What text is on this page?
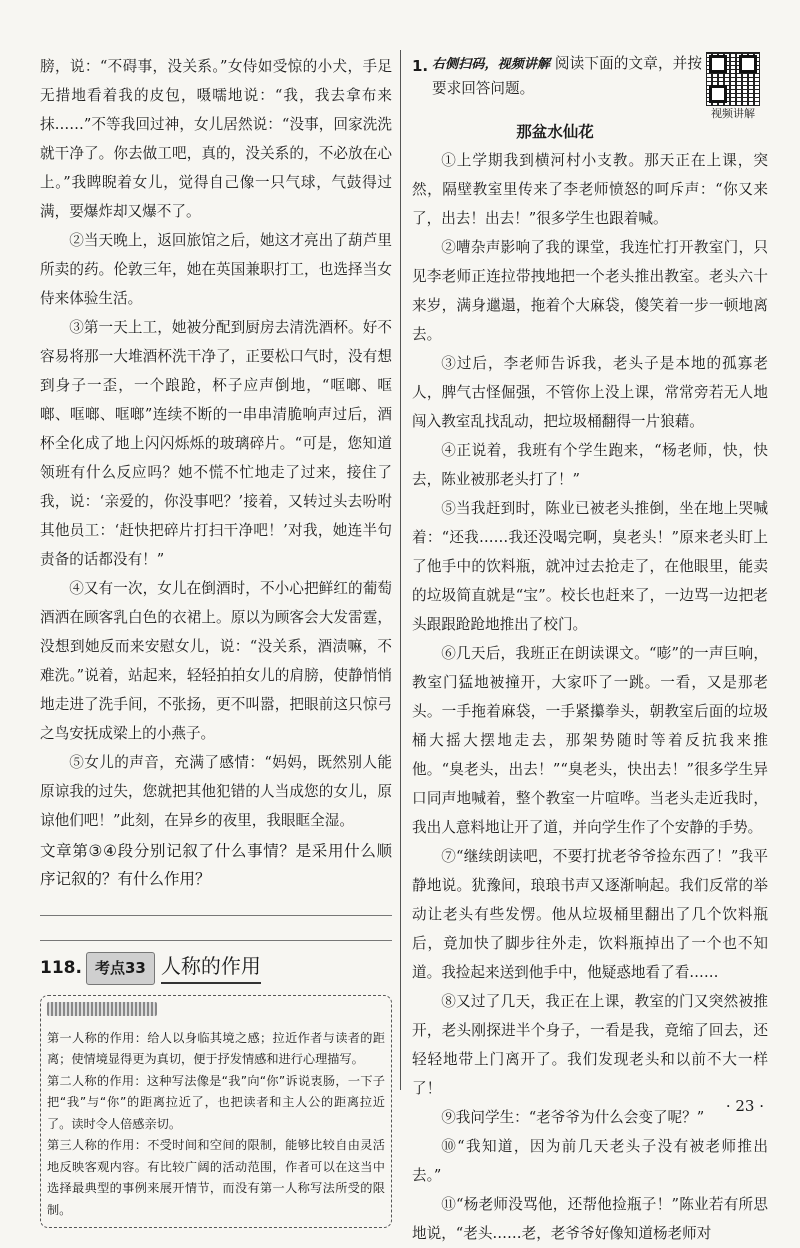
膀，说：“不碍事，没关系。”女侍如受惊的小犬，手足无措地看着我的皮包，嗫嚅地说：“我，我去拿布来抹……”不等我回过神，女儿居然说：“没事，回家洗洗就干净了。你去做工吧，真的，没关系的，不必放在心上。”我睥睨着女儿，觉得自己像一只气球，气鼓得过满，要爆炸却又爆不了。

②当天晚上，返回旅馆之后，她这才亮出了葫芦里所卖的药。伦敦三年，她在英国兼职打工，也选择当女侍来体验生活。

③第一天上工，她被分配到厨房去清洗酒杯。好不容易将那一大堆酒杯洗干净了，正要松口气时，没有想到身子一歪，一个踉跄，杯子应声倒地，“哐啷、哐啷、哐啷、哐啷”连续不断的一串串清脆响声过后，酒杯全化成了地上闪闪烁烁的玻璃碎片。“可是，您知道领班有什么反应吗？她不慌不忙地走了过来，接住了我，说：‘亲爱的，你没事吧？’接着，又转过头去吩咐其他员工：‘赶快把碎片打扫干净吧！’对我，她连半句责备的话都没有！”

④又有一次，女儿在倒酒时，不小心把鲜红的葡萄酒洒在顾客乳白色的衣裙上。原以为顾客会大发雷霆，没想到她反而来安慰女儿，说：“没关系，酒渍嘛，不难洗。”说着，站起来，轻轻拍拍女儿的肩膀，使静悄悄地走进了洗手间，不张扬，更不叫嚣，把眼前这只惊弓之鸟安抚成梁上的小燕子。

⑤女儿的声音，充满了感情：“妈妈，既然别人能原谅我的过失，您就把其他犯错的人当成您的女儿，原谅他们吧！”此刻，在异乡的夜里，我眼眶全湿。

文章第③④段分别记叙了什么事情？是采用什么顺序记叙的？有什么作用？

118. 考点33 人称的作用

第一人称的作用：给人以身临其境之感；拉近作者与读者的距离；使情境显得更为真切，便于抒发情感和进行心理描写。

第二人称的作用：这种写法像是“我”向“你”诉说衷肠，一下子把“我”与“你”的距离拉近了，也把读者和主人公的距离拉近了。读时令人倍感亲切。

第三人称的作用：不受时间和空间的限制，能够比较自由灵活地反映客观内容。有比较广阔的活动范围，作者可以在这当中选择最典型的事例来展开情节，而没有第一人称写法所受的限制。

1. 右侧扫码，视频讲解 阅读下面的文章，并按要求回答问题。
视频讲解
那盆水仙花

①上学期我到横河村小支教。那天正在上课，突然，隔壁教室里传来了李老师愤怒的呵斥声：“你又来了，出去！出去！”很多学生也跟着喊。

②嘈杂声影响了我的课堂，我连忙打开教室门，只见李老师正连拉带拽地把一个老头推出教室。老头六十来岁，满身邋遢，拖着个大麻袋，傻笑着一步一顿地离去。

③过后，李老师告诉我，老头子是本地的孤寡老人，脾气古怪倔强，不管你上没上课，常常旁若无人地闯入教室乱找乱动，把垃圾桶翻得一片狼藉。

④正说着，我班有个学生跑来，“杨老师，快，快去，陈业被那老头打了！”

⑤当我赶到时，陈业已被老头推倒，坐在地上哭喊着：“还我……我还没喝完啊，臭老头！”原来老头盯上了他手中的饮料瓶，就冲过去抢走了，在他眼里，能卖的垃圾简直就是“宝”。校长也赶来了，一边骂一边把老头跟跟跄跄地推出了校门。

⑥几天后，我班正在朗读课文。“嘭”的一声巨响，教室门猛地被撞开，大家吓了一跳。一看，又是那老头。一手拖着麻袋，一手紧攥拳头，朝教室后面的垃圾桶大摇大摆地走去，那架势随时等着反抗我来推他。“臭老头，出去！”“臭老头，快出去！”很多学生异口同声地喊着，整个教室一片喧哗。当老头走近我时，我出人意料地让开了道，并向学生作了个安静的手势。

⑦“继续朗读吧，不要打扰老爷爷捡东西了！”我平静地说。犹豫间，琅琅书声又逐渐响起。我们反常的举动让老头有些发愣。他从垃圾桶里翻出了几个饮料瓶后，竟加快了脚步往外走，饮料瓶掉出了一个也不知道。我捡起来送到他手中，他疑惑地看了看……

⑧又过了几天，我正在上课，教室的门又突然被推开，老头刚探进半个身子，一看是我，竟缩了回去，还轻轻地带上门离开了。我们发现老头和以前不大一样了！

⑨我问学生：“老爷爷为什么会变了呢？”

⑩“我知道，因为前几天老头子没有被老师推出去。”

⑪“杨老师没骂他，还帮他捡瓶子！”陈业若有所思地说，“老头……老，老爷爷好像知道杨老师对

· 23 ·
